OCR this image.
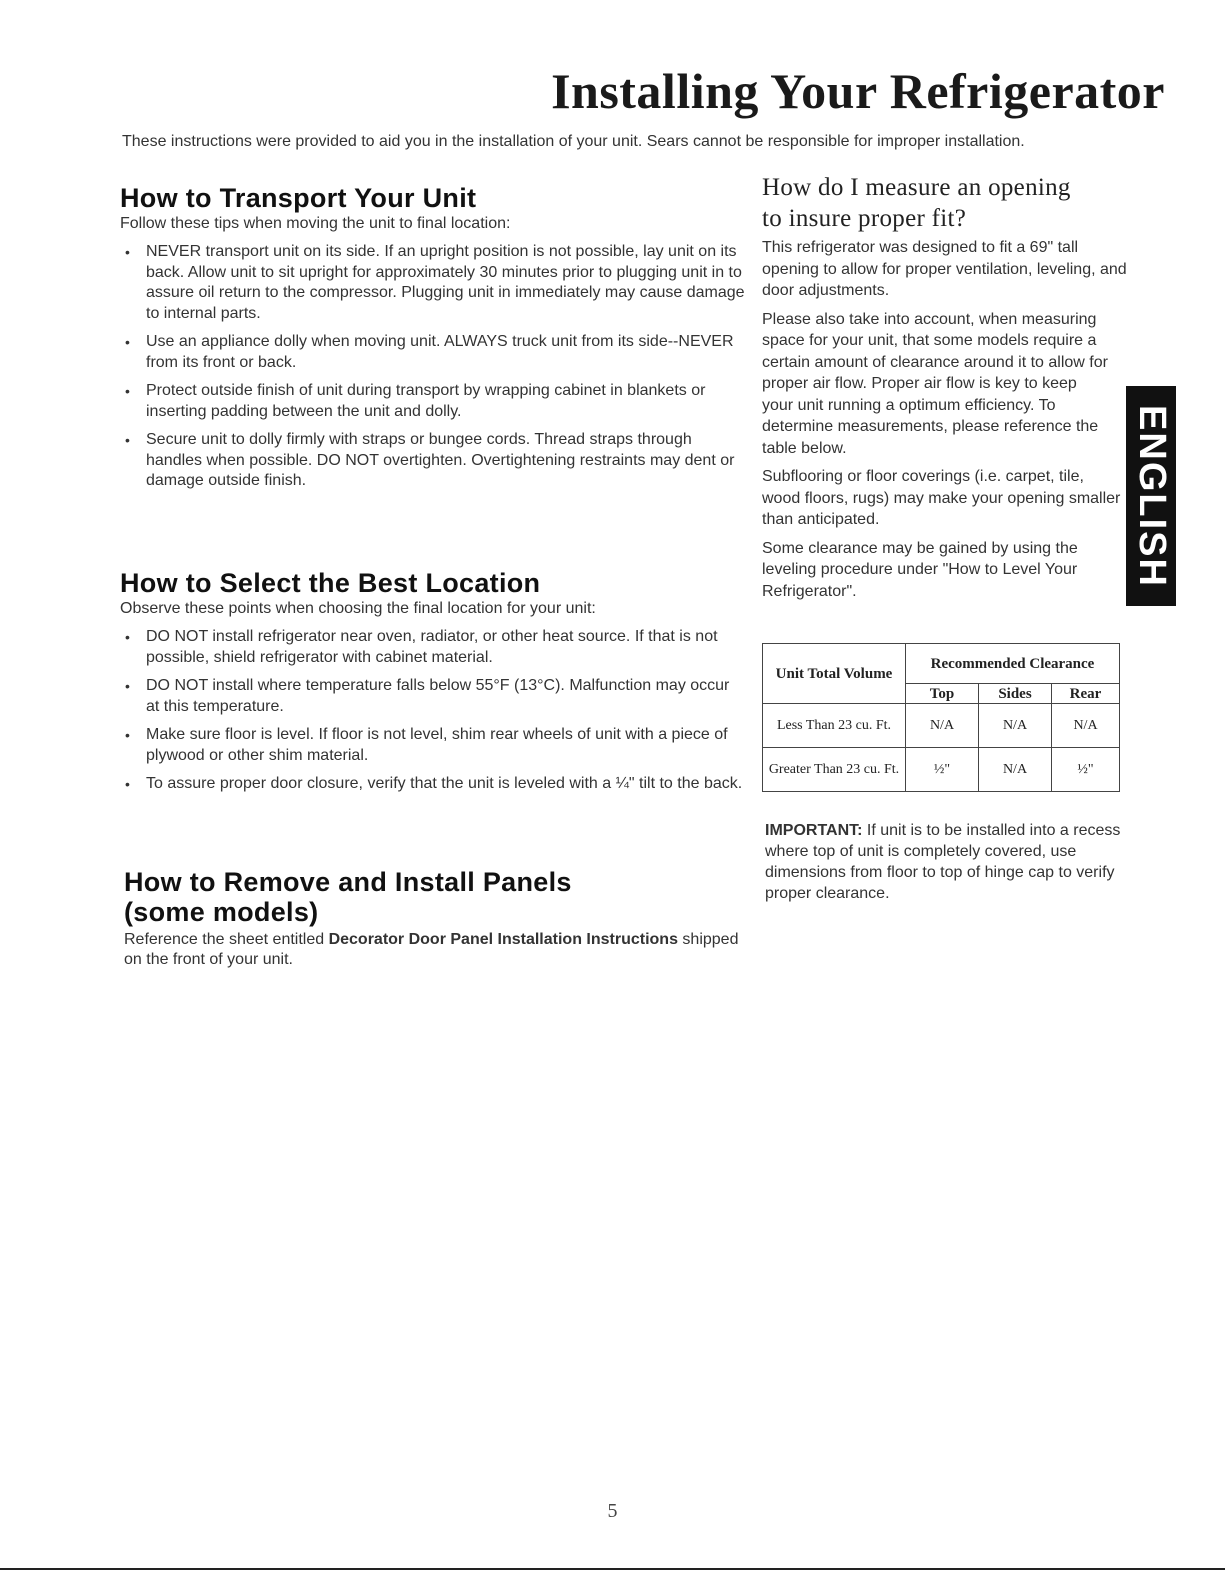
Installing Your Refrigerator
These instructions were provided to aid you in the installation of your unit. Sears cannot be responsible for improper installation.
How to Transport Your Unit
Follow these tips when moving the unit to final location:
• NEVER transport unit on its side. If an upright position is not possible, lay unit on its back. Allow unit to sit upright for approximately 30 minutes prior to plugging unit in to assure oil return to the compressor. Plugging unit in immediately may cause damage to internal parts.
• Use an appliance dolly when moving unit. ALWAYS truck unit from its side--NEVER from its front or back.
• Protect outside finish of unit during transport by wrapping cabinet in blankets or inserting padding between the unit and dolly.
• Secure unit to dolly firmly with straps or bungee cords. Thread straps through handles when possible. DO NOT overtighten. Overtightening restraints may dent or damage outside finish.
How to Select the Best Location
Observe these points when choosing the final location for your unit:
• DO NOT install refrigerator near oven, radiator, or other heat source. If that is not possible, shield refrigerator with cabinet material.
• DO NOT install where temperature falls below 55°F (13°C). Malfunction may occur at this temperature.
• Make sure floor is level. If floor is not level, shim rear wheels of unit with a piece of plywood or other shim material.
• To assure proper door closure, verify that the unit is leveled with a ¼" tilt to the back.
How to Remove and Install Panels
(some models)
Reference the sheet entitled Decorator Door Panel Installation Instructions shipped on the front of your unit.
How do I measure an opening
to insure proper fit?

This refrigerator was designed to fit a 69" tall opening to allow for proper ventilation, leveling, and door adjustments.

Please also take into account, when measuring space for your unit, that some models require a certain amount of clearance around it to allow for proper air flow. Proper air flow is key to keep your unit running a optimum efficiency. To determine measurements, please reference the table below.

Subflooring or floor coverings (i.e. carpet, tile, wood floors, rugs) may make your opening smaller than anticipated.

Some clearance may be gained by using the leveling procedure under "How to Level Your Refrigerator".

Unit Total Volume	Recommended Clearance		
	Top	Sides	Rear
Less Than 23 cu. Ft.	N/A	N/A	N/A
Greater Than 23 cu. Ft.	½"	N/A	½"
IMPORTANT: If unit is to be installed into a recess where top of unit is completely covered, use dimensions from floor to top of hinge cap to verify proper clearance.
ENGLISH
5
